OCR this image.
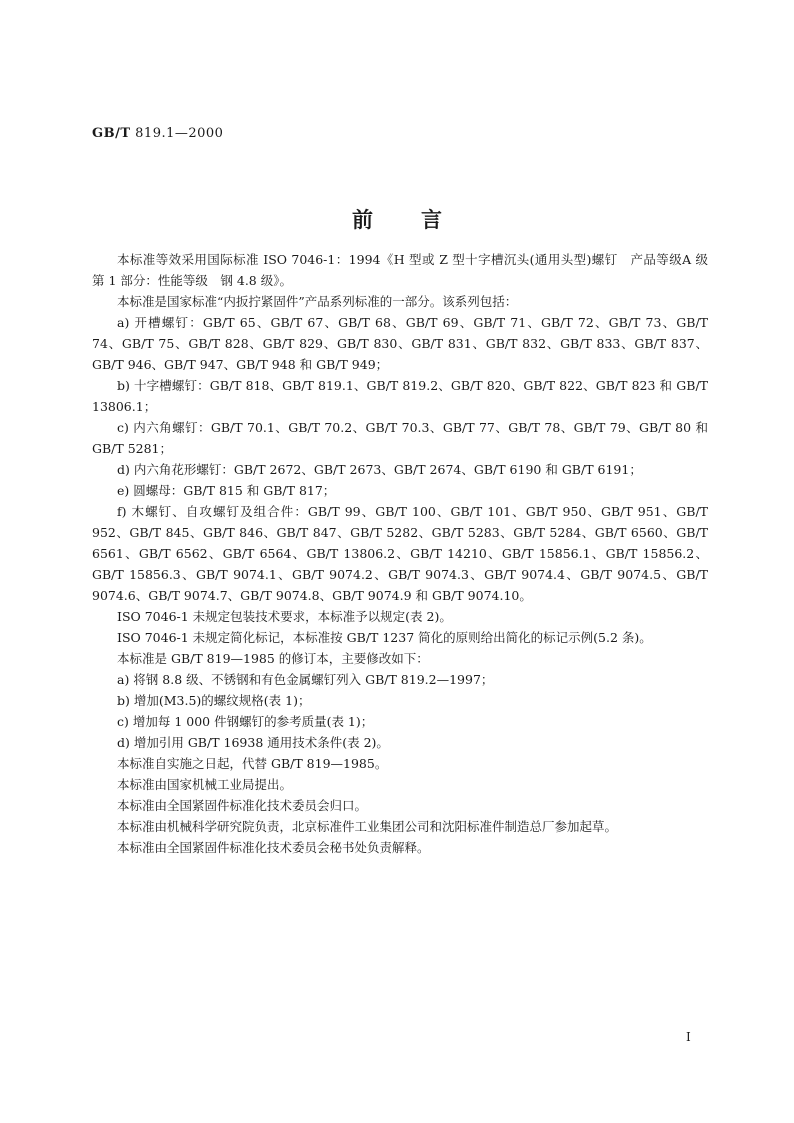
GB/T 819.1—2000
前言

本标准等效采用国际标准 ISO 7046-1：1994《H 型或 Z 型十字槽沉头(通用头型)螺钉　产品等级A 级　第 1 部分：性能等级　钢 4.8 级》。

本标准是国家标准“内扳拧紧固件”产品系列标准的一部分。该系列包括：

a) 开槽螺钉：GB/T 65、GB/T 67、GB/T 68、GB/T 69、GB/T 71、GB/T 72、GB/T 73、GB/T 74、GB/T 75、GB/T 828、GB/T 829、GB/T 830、GB/T 831、GB/T 832、GB/T 833、GB/T 837、GB/T 946、GB/T 947、GB/T 948 和 GB/T 949；

b) 十字槽螺钉：GB/T 818、GB/T 819.1、GB/T 819.2、GB/T 820、GB/T 822、GB/T 823 和 GB/T 13806.1；

c) 内六角螺钉：GB/T 70.1、GB/T 70.2、GB/T 70.3、GB/T 77、GB/T 78、GB/T 79、GB/T 80 和 GB/T 5281；

d) 内六角花形螺钉：GB/T 2672、GB/T 2673、GB/T 2674、GB/T 6190 和 GB/T 6191；

e) 圆螺母：GB/T 815 和 GB/T 817；

f) 木螺钉、自攻螺钉及组合件：GB/T 99、GB/T 100、GB/T 101、GB/T 950、GB/T 951、GB/T 952、GB/T 845、GB/T 846、GB/T 847、GB/T 5282、GB/T 5283、GB/T 5284、GB/T 6560、GB/T 6561、GB/T 6562、GB/T 6564、GB/T 13806.2、GB/T 14210、GB/T 15856.1、GB/T 15856.2、GB/T 15856.3、GB/T 9074.1、GB/T 9074.2、GB/T 9074.3、GB/T 9074.4、GB/T 9074.5、GB/T 9074.6、GB/T 9074.7、GB/T 9074.8、GB/T 9074.9 和 GB/T 9074.10。

ISO 7046-1 未规定包装技术要求，本标准予以规定(表 2)。

ISO 7046-1 未规定简化标记，本标准按 GB/T 1237 简化的原则给出简化的标记示例(5.2 条)。

本标准是 GB/T 819—1985 的修订本，主要修改如下：

a) 将钢 8.8 级、不锈钢和有色金属螺钉列入 GB/T 819.2—1997；

b) 增加(M3.5)的螺纹规格(表 1)；

c) 增加每 1 000 件钢螺钉的参考质量(表 1)；

d) 增加引用 GB/T 16938 通用技术条件(表 2)。

本标准自实施之日起，代替 GB/T 819—1985。

本标准由国家机械工业局提出。

本标准由全国紧固件标准化技术委员会归口。

本标准由机械科学研究院负责，北京标准件工业集团公司和沈阳标准件制造总厂参加起草。

本标准由全国紧固件标准化技术委员会秘书处负责解释。

I
